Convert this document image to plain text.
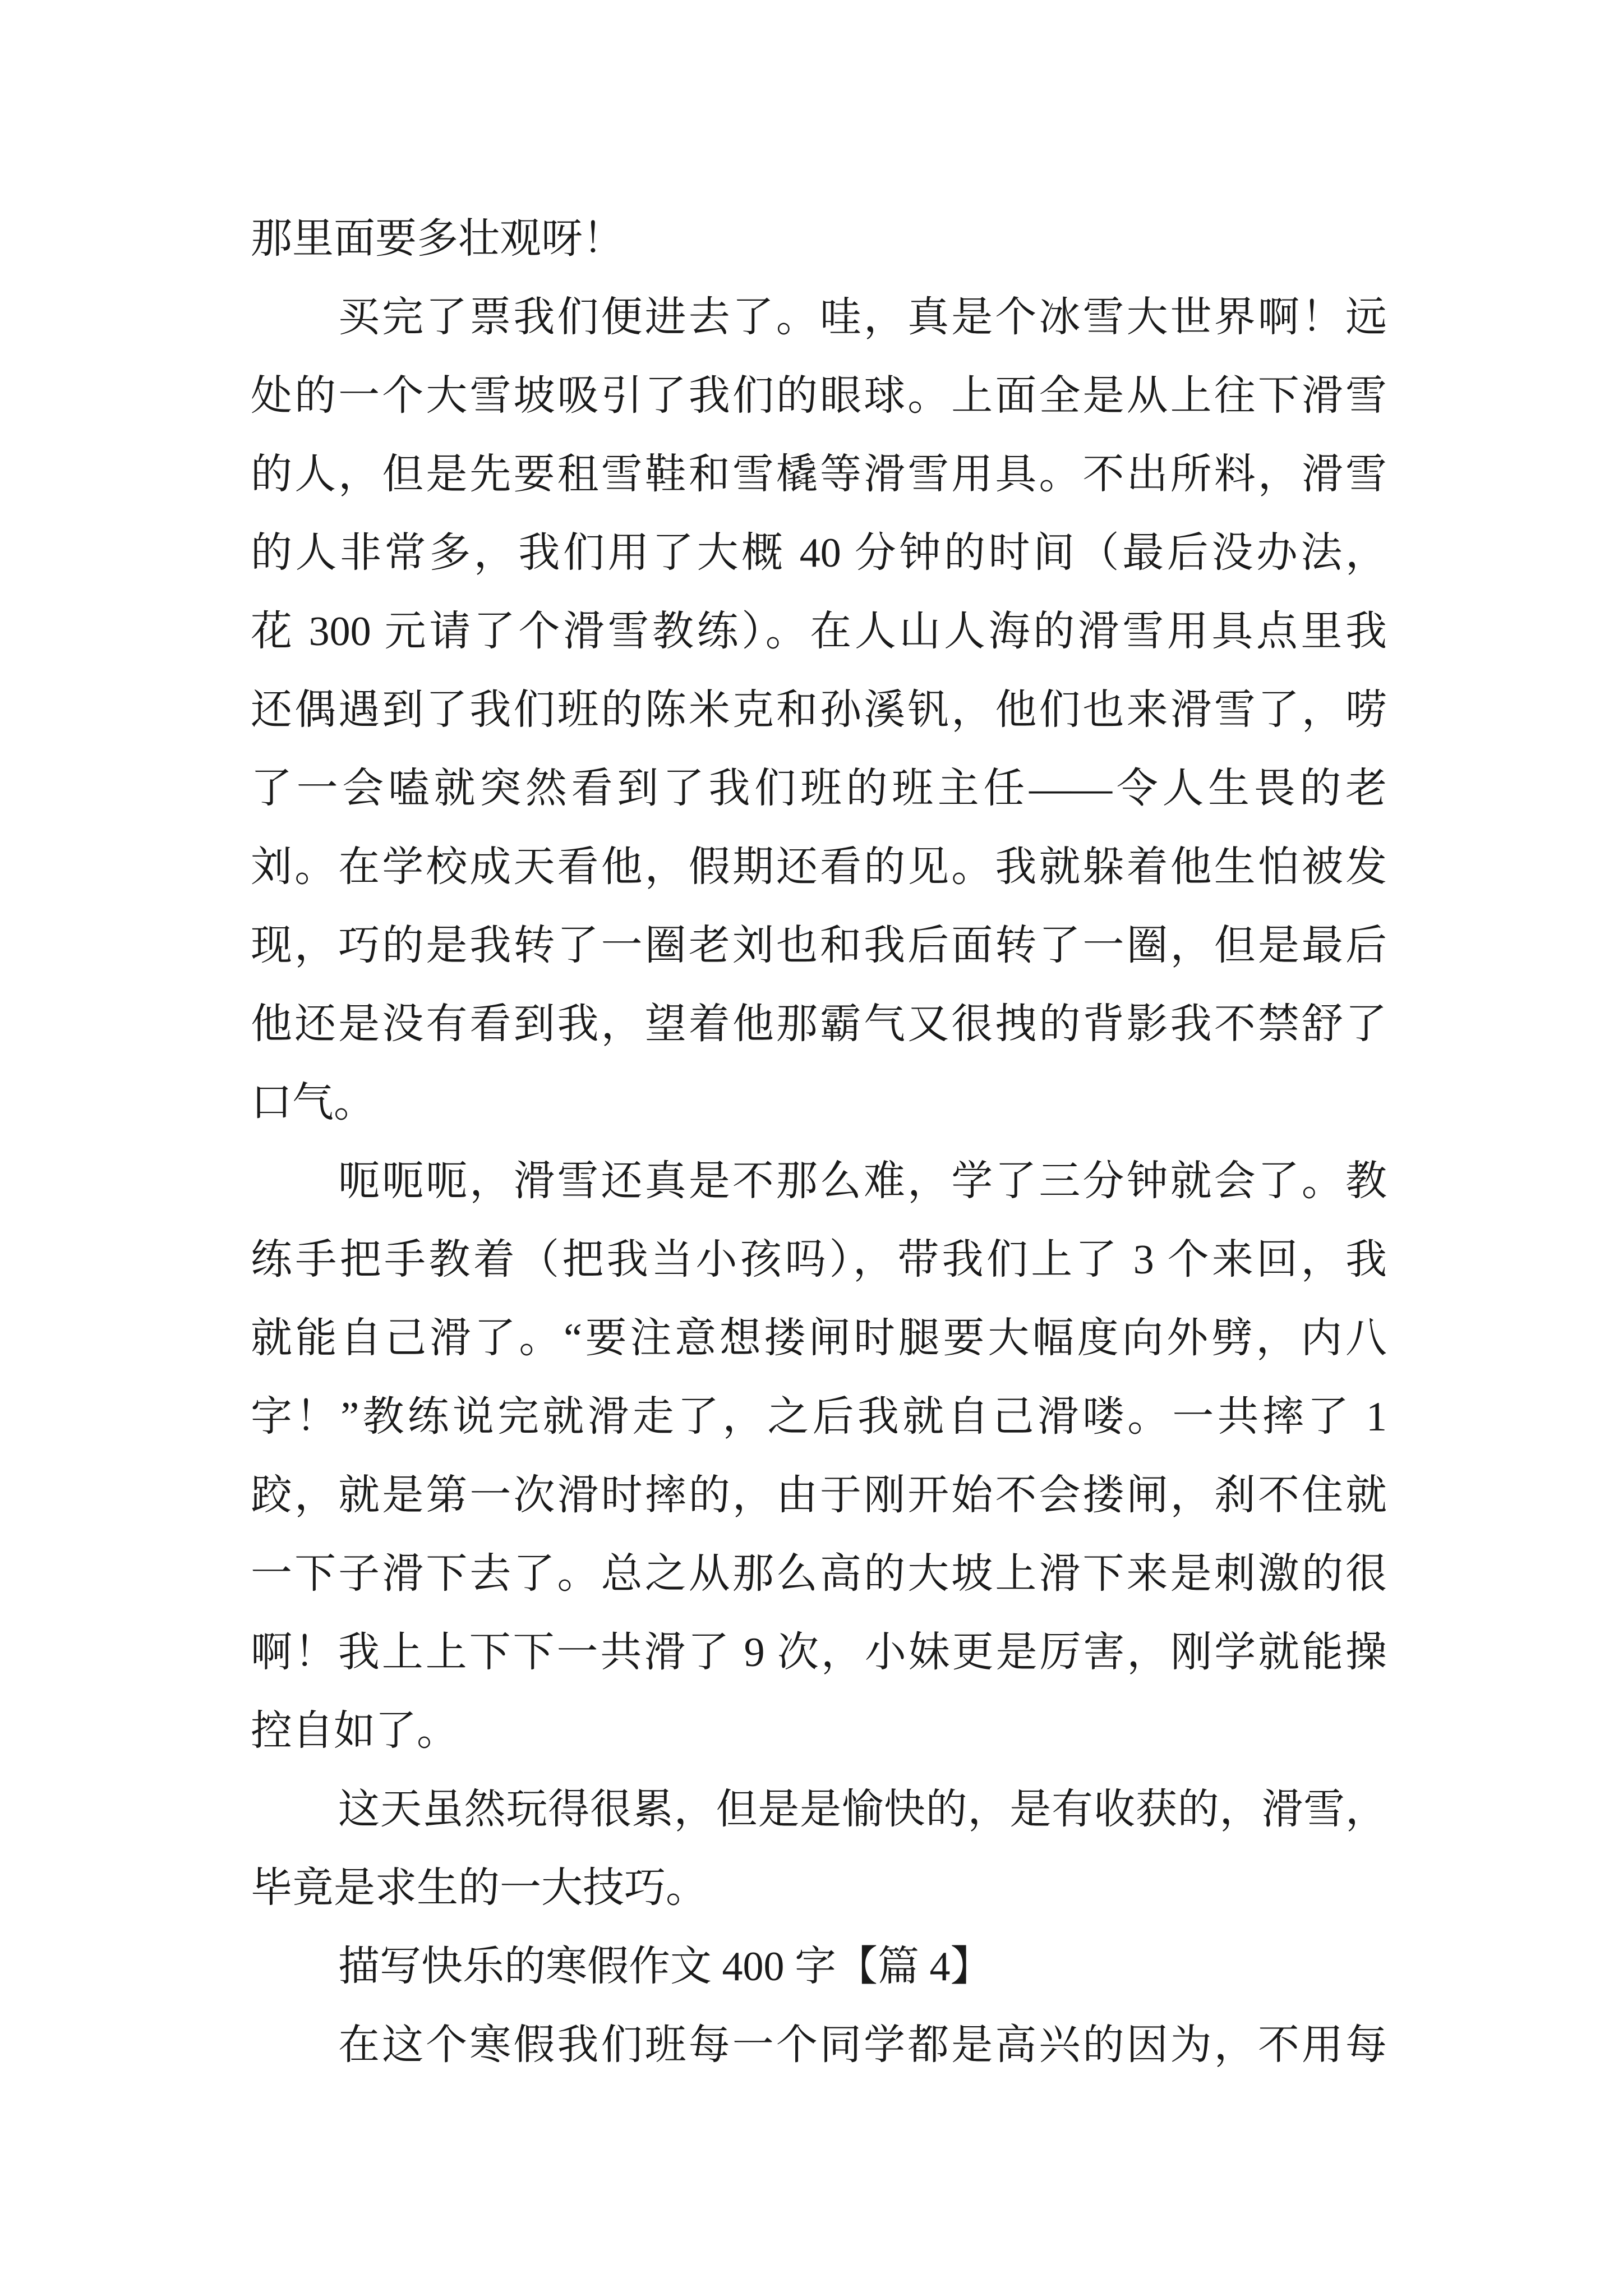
那里面要多壮观呀！
买完了票我们便进去了。哇，真是个冰雪大世界啊！远
处的一个大雪坡吸引了我们的眼球。上面全是从上往下滑雪
的人，但是先要租雪鞋和雪橇等滑雪用具。不出所料，滑雪
的人非常多，我们用了大概 40 分钟的时间（最后没办法，
花 300 元请了个滑雪教练）。在人山人海的滑雪用具点里我
还偶遇到了我们班的陈米克和孙溪钒，他们也来滑雪了，唠
了一会嗑就突然看到了我们班的班主任——令人生畏的老
刘。在学校成天看他，假期还看的见。我就躲着他生怕被发
现，巧的是我转了一圈老刘也和我后面转了一圈，但是最后
他还是没有看到我，望着他那霸气又很拽的背影我不禁舒了
口气。
呃呃呃，滑雪还真是不那么难，学了三分钟就会了。教
练手把手教着（把我当小孩吗），带我们上了 3 个来回，我
就能自己滑了。“要注意想搂闸时腿要大幅度向外劈，内八
字！”教练说完就滑走了，之后我就自己滑喽。一共摔了 1
跤，就是第一次滑时摔的，由于刚开始不会搂闸，刹不住就
一下子滑下去了。总之从那么高的大坡上滑下来是刺激的很
啊！我上上下下一共滑了 9 次，小妹更是厉害，刚学就能操
控自如了。
这天虽然玩得很累，但是是愉快的，是有收获的，滑雪，
毕竟是求生的一大技巧。
描写快乐的寒假作文 400 字【篇 4】
在这个寒假我们班每一个同学都是高兴的因为，不用每
